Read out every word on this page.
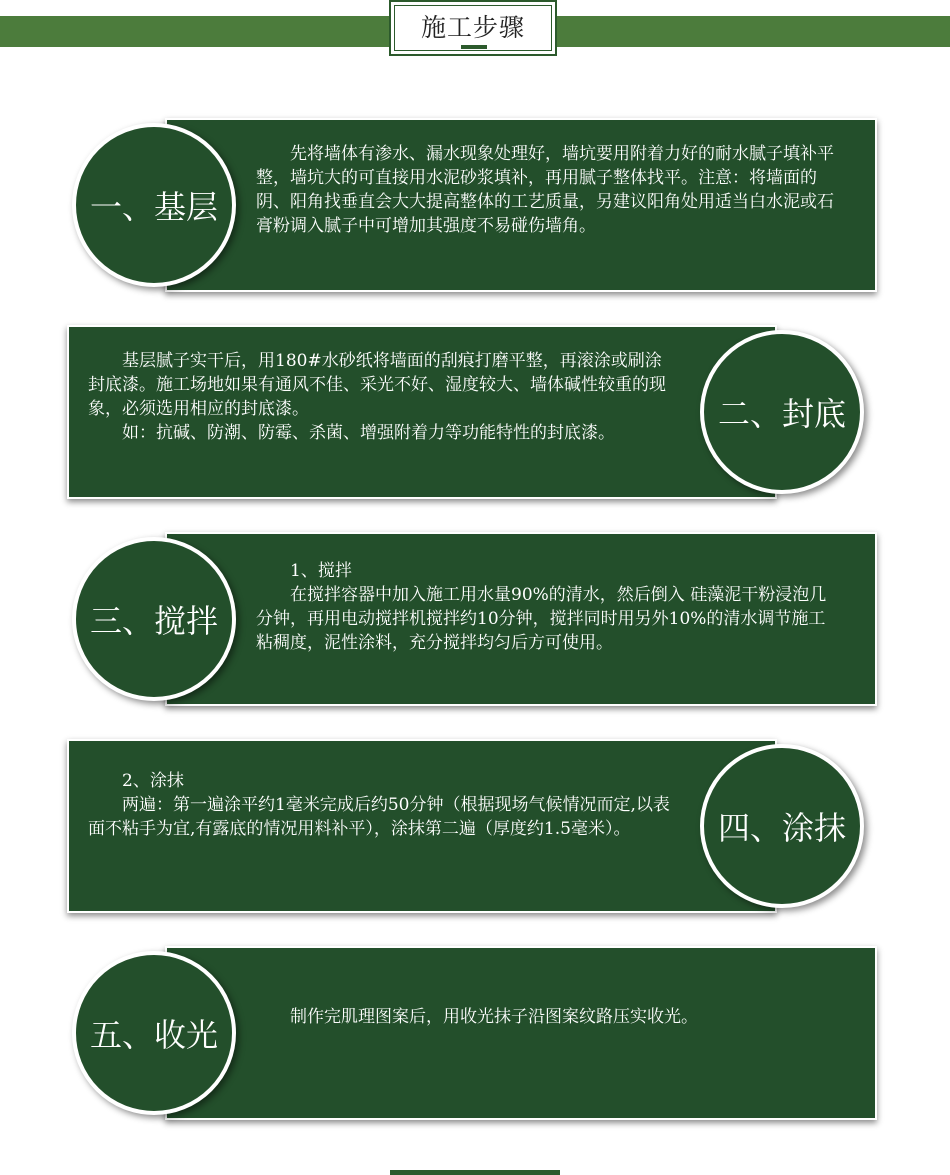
施工步骤
一、基层

先将墙体有渗水、漏水现象处理好，墙坑要用附着力好的耐水腻子填补平整，墙坑大的可直接用水泥砂浆填补，再用腻子整体找平。注意：将墙面的阴、阳角找垂直会大大提高整体的工艺质量，另建议阳角处用适当白水泥或石膏粉调入腻子中可增加其强度不易碰伤墙角。

二、封底

基层腻子实干后，用180#水砂纸将墙面的刮痕打磨平整，再滚涂或刷涂封底漆。施工场地如果有通风不佳、采光不好、湿度较大、墙体碱性较重的现象，必须选用相应的封底漆。

如：抗碱、防潮、防霉、杀菌、增强附着力等功能特性的封底漆。

三、搅拌

1、搅拌

在搅拌容器中加入施工用水量90%的清水，然后倒入 硅藻泥干粉浸泡几分钟，再用电动搅拌机搅拌约10分钟，搅拌同时用另外10%的清水调节施工粘稠度，泥性涂料，充分搅拌均匀后方可使用。

四、涂抹

2、涂抹

两遍：第一遍涂平约1毫米完成后约50分钟（根据现场气候情况而定,以表面不粘手为宜,有露底的情况用料补平），涂抹第二遍（厚度约1.5毫米）。

五、收光	制作完肌理图案后，用收光抹子沿图案纹路压实收光。
